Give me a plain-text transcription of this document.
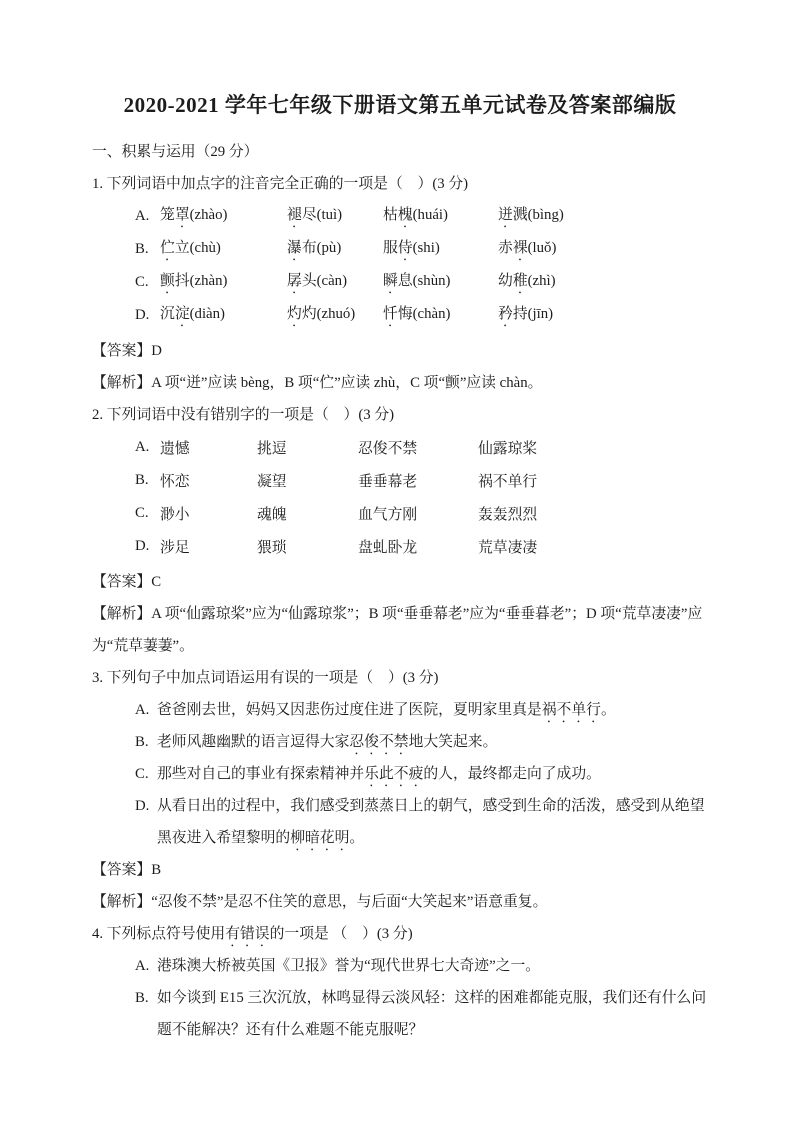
2020-2021 学年七年级下册语文第五单元试卷及答案部编版

一、积累与运用（29 分）

1. 下列词语中加点字的注音完全正确的一项是（　）(3 分)

A. 笼罩(zhào)	褪尽(tuì)	枯槐(huái)	迸溅(bìng)
B. 伫立(chù)	瀑布(pù)	服侍(shi)	赤裸(luǒ)
C. 颤抖(zhàn)	孱头(càn)	瞬息(shùn)	幼稚(zhì)
D. 沉淀(diàn)	灼灼(zhuó)	忏悔(chàn)	矜持(jīn)

【答案】D

【解析】A 项“迸”应读 bèng，B 项“伫”应读 zhù，C 项“颤”应读 chàn。

2. 下列词语中没有错别字的一项是（　）(3 分)

A. 遗憾	挑逗	忍俊不禁	仙露琼桨
B. 怀恋	凝望	垂垂幕老	祸不单行
C. 渺小	魂魄	血气方刚	轰轰烈烈
D. 涉足	猥琐	盘虬卧龙	荒草凄凄

【答案】C

【解析】A 项“仙露琼桨”应为“仙露琼浆”；B 项“垂垂幕老”应为“垂垂暮老”；D 项“荒草凄凄”应为“荒草萋萋”。

3. 下列句子中加点词语运用有误的一项是（　）(3 分)

A. 爸爸刚去世，妈妈又因悲伤过度住进了医院，夏明家里真是祸不单行。

B. 老师风趣幽默的语言逗得大家忍俊不禁地大笑起来。

C. 那些对自己的事业有探索精神并乐此不疲的人，最终都走向了成功。

D. 从看日出的过程中，我们感受到蒸蒸日上的朝气，感受到生命的活泼，感受到从绝望黑夜进入希望黎明的柳暗花明。

【答案】B

【解析】“忍俊不禁”是忍不住笑的意思，与后面“大笑起来”语意重复。

4. 下列标点符号使用有错误的一项是 （　）(3 分)

A. 港珠澳大桥被英国《卫报》誉为“现代世界七大奇迹”之一。

B. 如今谈到 E15 三次沉放，林鸣显得云淡风轻：这样的困难都能克服，我们还有什么问题不能解决？还有什么难题不能克服呢？
